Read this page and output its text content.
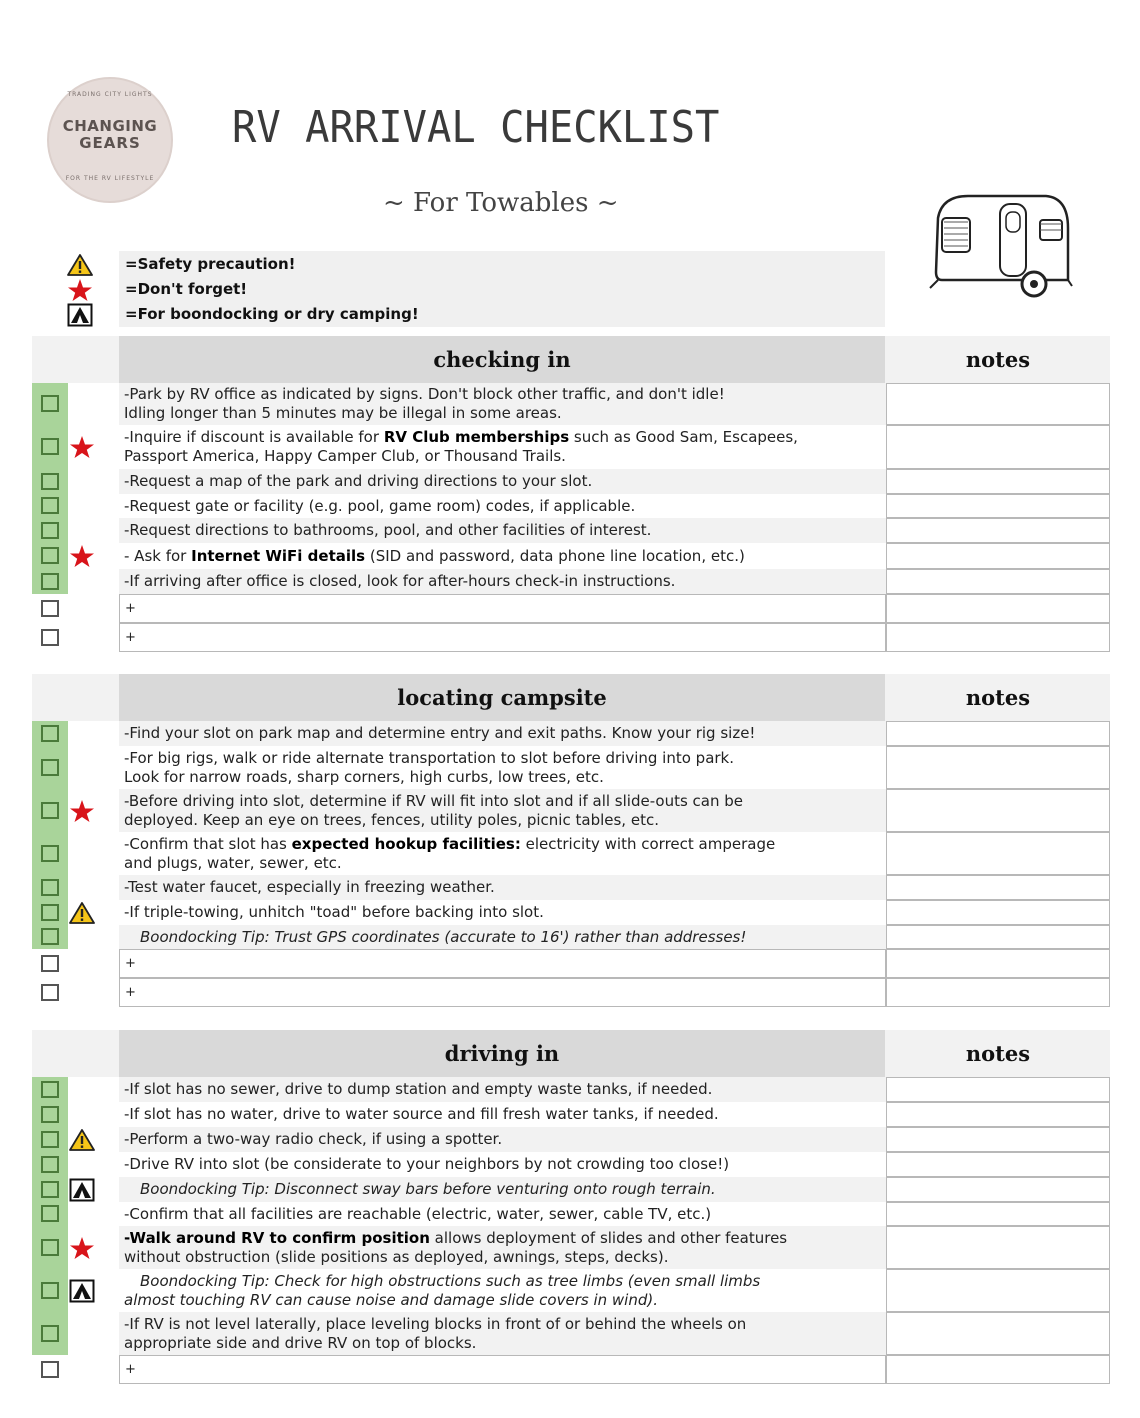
TRADING CITY LIGHTS
CHANGING
GEARS
FOR THE RV LIFESTYLE
RV ARRIVAL CHECKLIST
~ For Towables ~
=Safety precaution!
=Don't forget!
=For boondocking or dry camping!
checking in	notes
-Park by RV office as indicated by signs. Don't block other traffic, and don't idle!
Idling longer than 5 minutes may be illegal in some areas.
-Inquire if discount is available for RV Club memberships such as Good Sam, Escapees,
Passport America, Happy Camper Club, or Thousand Trails.
-Request a map of the park and driving directions to your slot.
-Request gate or facility (e.g. pool, game room) codes, if applicable.
-Request directions to bathrooms, pool, and other facilities of interest.
- Ask for Internet WiFi details (SID and password, data phone line location, etc.)
-If arriving after office is closed, look for after-hours check-in instructions.
+
+
locating campsite	notes
-Find your slot on park map and determine entry and exit paths. Know your rig size!
-For big rigs, walk or ride alternate transportation to slot before driving into park.
Look for narrow roads, sharp corners, high curbs, low trees, etc.
-Before driving into slot, determine if RV will fit into slot and if all slide-outs can be
deployed. Keep an eye on trees, fences, utility poles, picnic tables, etc.
-Confirm that slot has expected hookup facilities: electricity with correct amperage
and plugs, water, sewer, etc.
-Test water faucet, especially in freezing weather.
-If triple-towing, unhitch "toad" before backing into slot.
Boondocking Tip: Trust GPS coordinates (accurate to 16') rather than addresses!
+
+
driving in	notes
-If slot has no sewer, drive to dump station and empty waste tanks, if needed.
-If slot has no water, drive to water source and fill fresh water tanks, if needed.
-Perform a two-way radio check, if using a spotter.
-Drive RV into slot (be considerate to your neighbors by not crowding too close!)
Boondocking Tip: Disconnect sway bars before venturing onto rough terrain.
-Confirm that all facilities are reachable (electric, water, sewer, cable TV, etc.)
-Walk around RV to confirm position allows deployment of slides and other features
without obstruction (slide positions as deployed, awnings, steps, decks).
Boondocking Tip: Check for high obstructions such as tree limbs (even small limbs
almost touching RV can cause noise and damage slide covers in wind).
-If RV is not level laterally, place leveling blocks in front of or behind the wheels on
appropriate side and drive RV on top of blocks.
+
